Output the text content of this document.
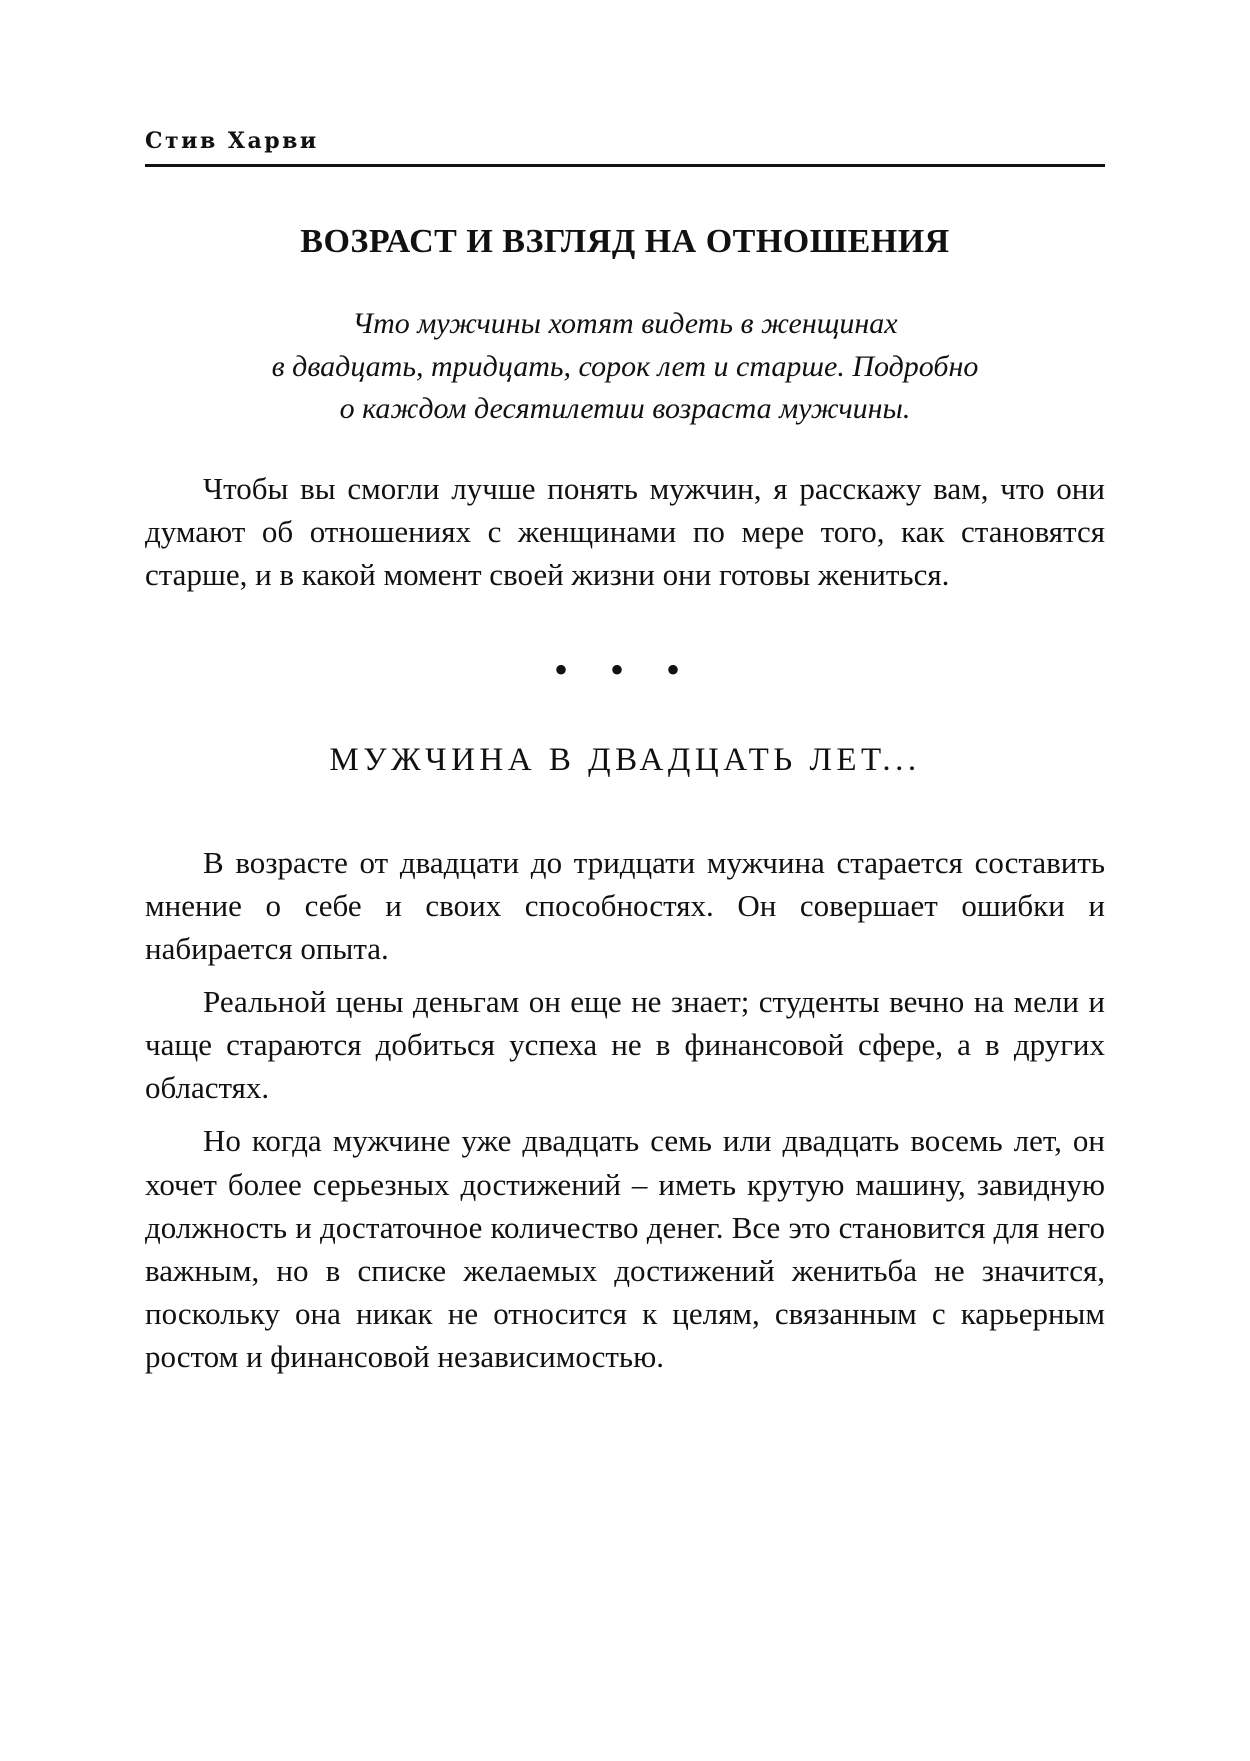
Стив Харви
ВОЗРАСТ И ВЗГЛЯД НА ОТНОШЕНИЯ
Что мужчины хотят видеть в женщинах
в двадцать, тридцать, сорок лет и старше. Подробно
о каждом десятилетии возраста мужчины.

Чтобы вы смогли лучше понять мужчин, я расскажу вам, что они думают об отношениях с женщинами по мере того, как становятся старше, и в какой момент своей жизни они готовы жениться.

• • •
МУЖЧИНА В ДВАДЦАТЬ ЛЕТ...

В возрасте от двадцати до тридцати мужчина старается составить мнение о себе и своих способностях. Он совершает ошибки и набирается опыта.

Реальной цены деньгам он еще не знает; студенты вечно на мели и чаще стараются добиться успеха не в финансовой сфере, а в других областях.

Но когда мужчине уже двадцать семь или двадцать восемь лет, он хочет более серьезных достижений – иметь крутую машину, завидную должность и достаточное количество денег. Все это становится для него важным, но в списке желаемых достижений женитьба не значится, поскольку она никак не относится к целям, связанным с карьерным ростом и финансовой независимостью.
